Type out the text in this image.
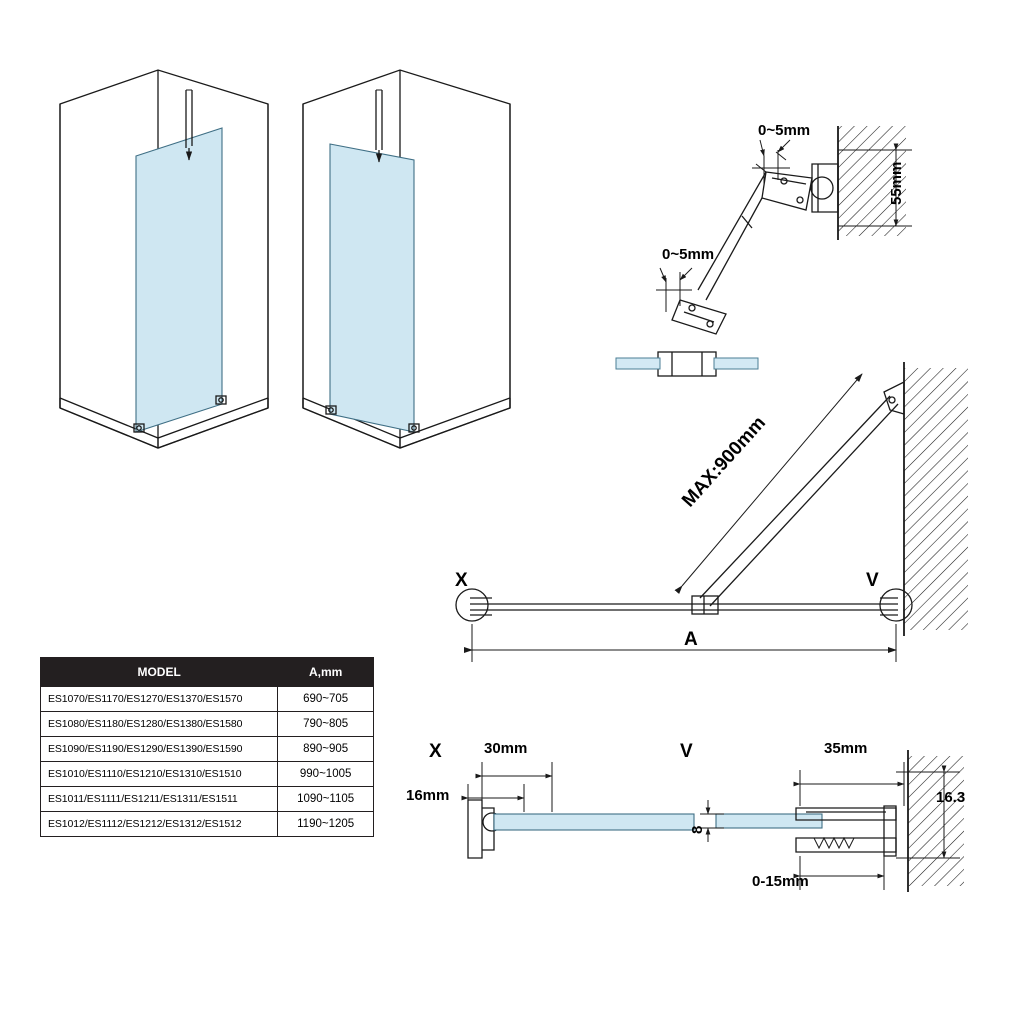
0~5mm
0~5mm
55mm
MAX:900mm
X	V
A
X	30mm
16mm
V	35mm
16.3
8
0-15mm
MODEL	A,mm
ES1070/ES1170/ES1270/ES1370/ES1570	690~705
ES1080/ES1180/ES1280/ES1380/ES1580	790~805
ES1090/ES1190/ES1290/ES1390/ES1590	890~905
ES1010/ES1110/ES1210/ES1310/ES1510	990~1005
ES1011/ES1111/ES1211/ES1311/ES1511	1090~1105
ES1012/ES1112/ES1212/ES1312/ES1512	1190~1205
